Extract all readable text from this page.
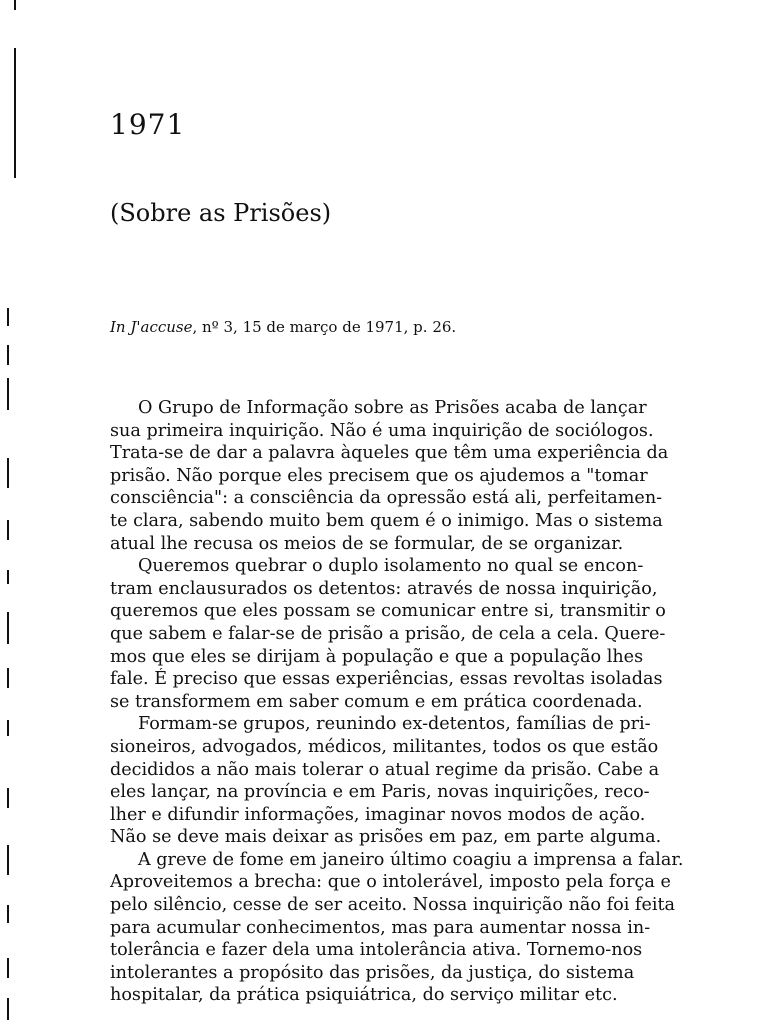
1971
(Sobre as Prisões)
In J'accuse, nº 3, 15 de março de 1971, p. 26.
O Grupo de Informação sobre as Prisões acaba de lançar
sua primeira inquirição. Não é uma inquirição de sociólogos.
Trata-se de dar a palavra àqueles que têm uma experiência da
prisão. Não porque eles precisem que os ajudemos a "tomar
consciência": a consciência da opressão está ali, perfeitamen-
te clara, sabendo muito bem quem é o inimigo. Mas o sistema
atual lhe recusa os meios de se formular, de se organizar.
Queremos quebrar o duplo isolamento no qual se encon-
tram enclausurados os detentos: através de nossa inquirição,
queremos que eles possam se comunicar entre si, transmitir o
que sabem e falar-se de prisão a prisão, de cela a cela. Quere-
mos que eles se dirijam à população e que a população lhes
fale. É preciso que essas experiências, essas revoltas isoladas
se transformem em saber comum e em prática coordenada.
Formam-se grupos, reunindo ex-detentos, famílias de pri-
sioneiros, advogados, médicos, militantes, todos os que estão
decididos a não mais tolerar o atual regime da prisão. Cabe a
eles lançar, na província e em Paris, novas inquirições, reco-
lher e difundir informações, imaginar novos modos de ação.
Não se deve mais deixar as prisões em paz, em parte alguma.
A greve de fome em janeiro último coagiu a imprensa a falar.
Aproveitemos a brecha: que o intolerável, imposto pela força e
pelo silêncio, cesse de ser aceito. Nossa inquirição não foi feita
para acumular conhecimentos, mas para aumentar nossa in-
tolerância e fazer dela uma intolerância ativa. Tornemo-nos
intolerantes a propósito das prisões, da justiça, do sistema
hospitalar, da prática psiquiátrica, do serviço militar etc.
